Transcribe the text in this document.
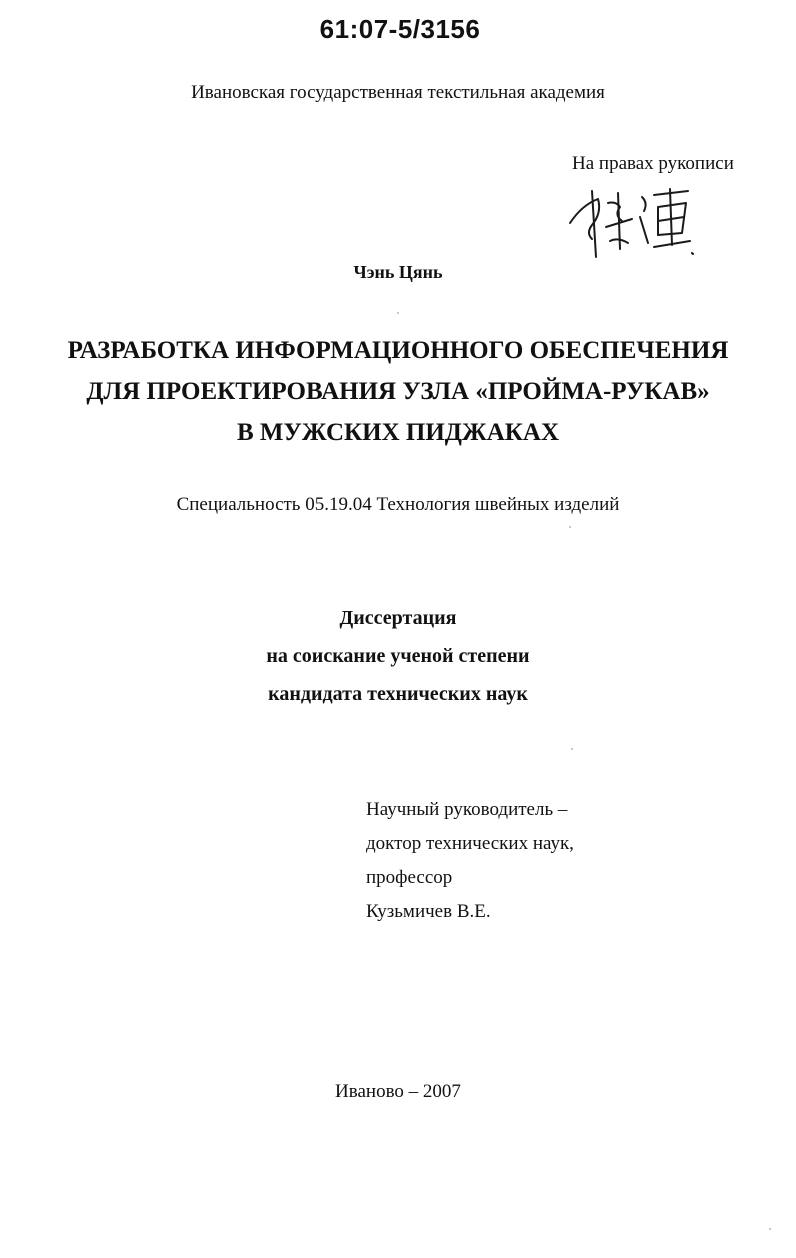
61:07-5/3156
Ивановская государственная текстильная академия
На правах рукописи
Чэнь Цянь
РАЗРАБОТКА ИНФОРМАЦИОННОГО ОБЕСПЕЧЕНИЯ
ДЛЯ ПРОЕКТИРОВАНИЯ УЗЛА «ПРОЙМА-РУКАВ»
В МУЖСКИХ ПИДЖАКАХ
Специальность 05.19.04 Технология швейных изделий
Диссертация
на соискание ученой степени
кандидата технических наук
Научный руководитель –
доктор технических наук,
профессор
Кузьмичев В.Е.
Иваново – 2007
